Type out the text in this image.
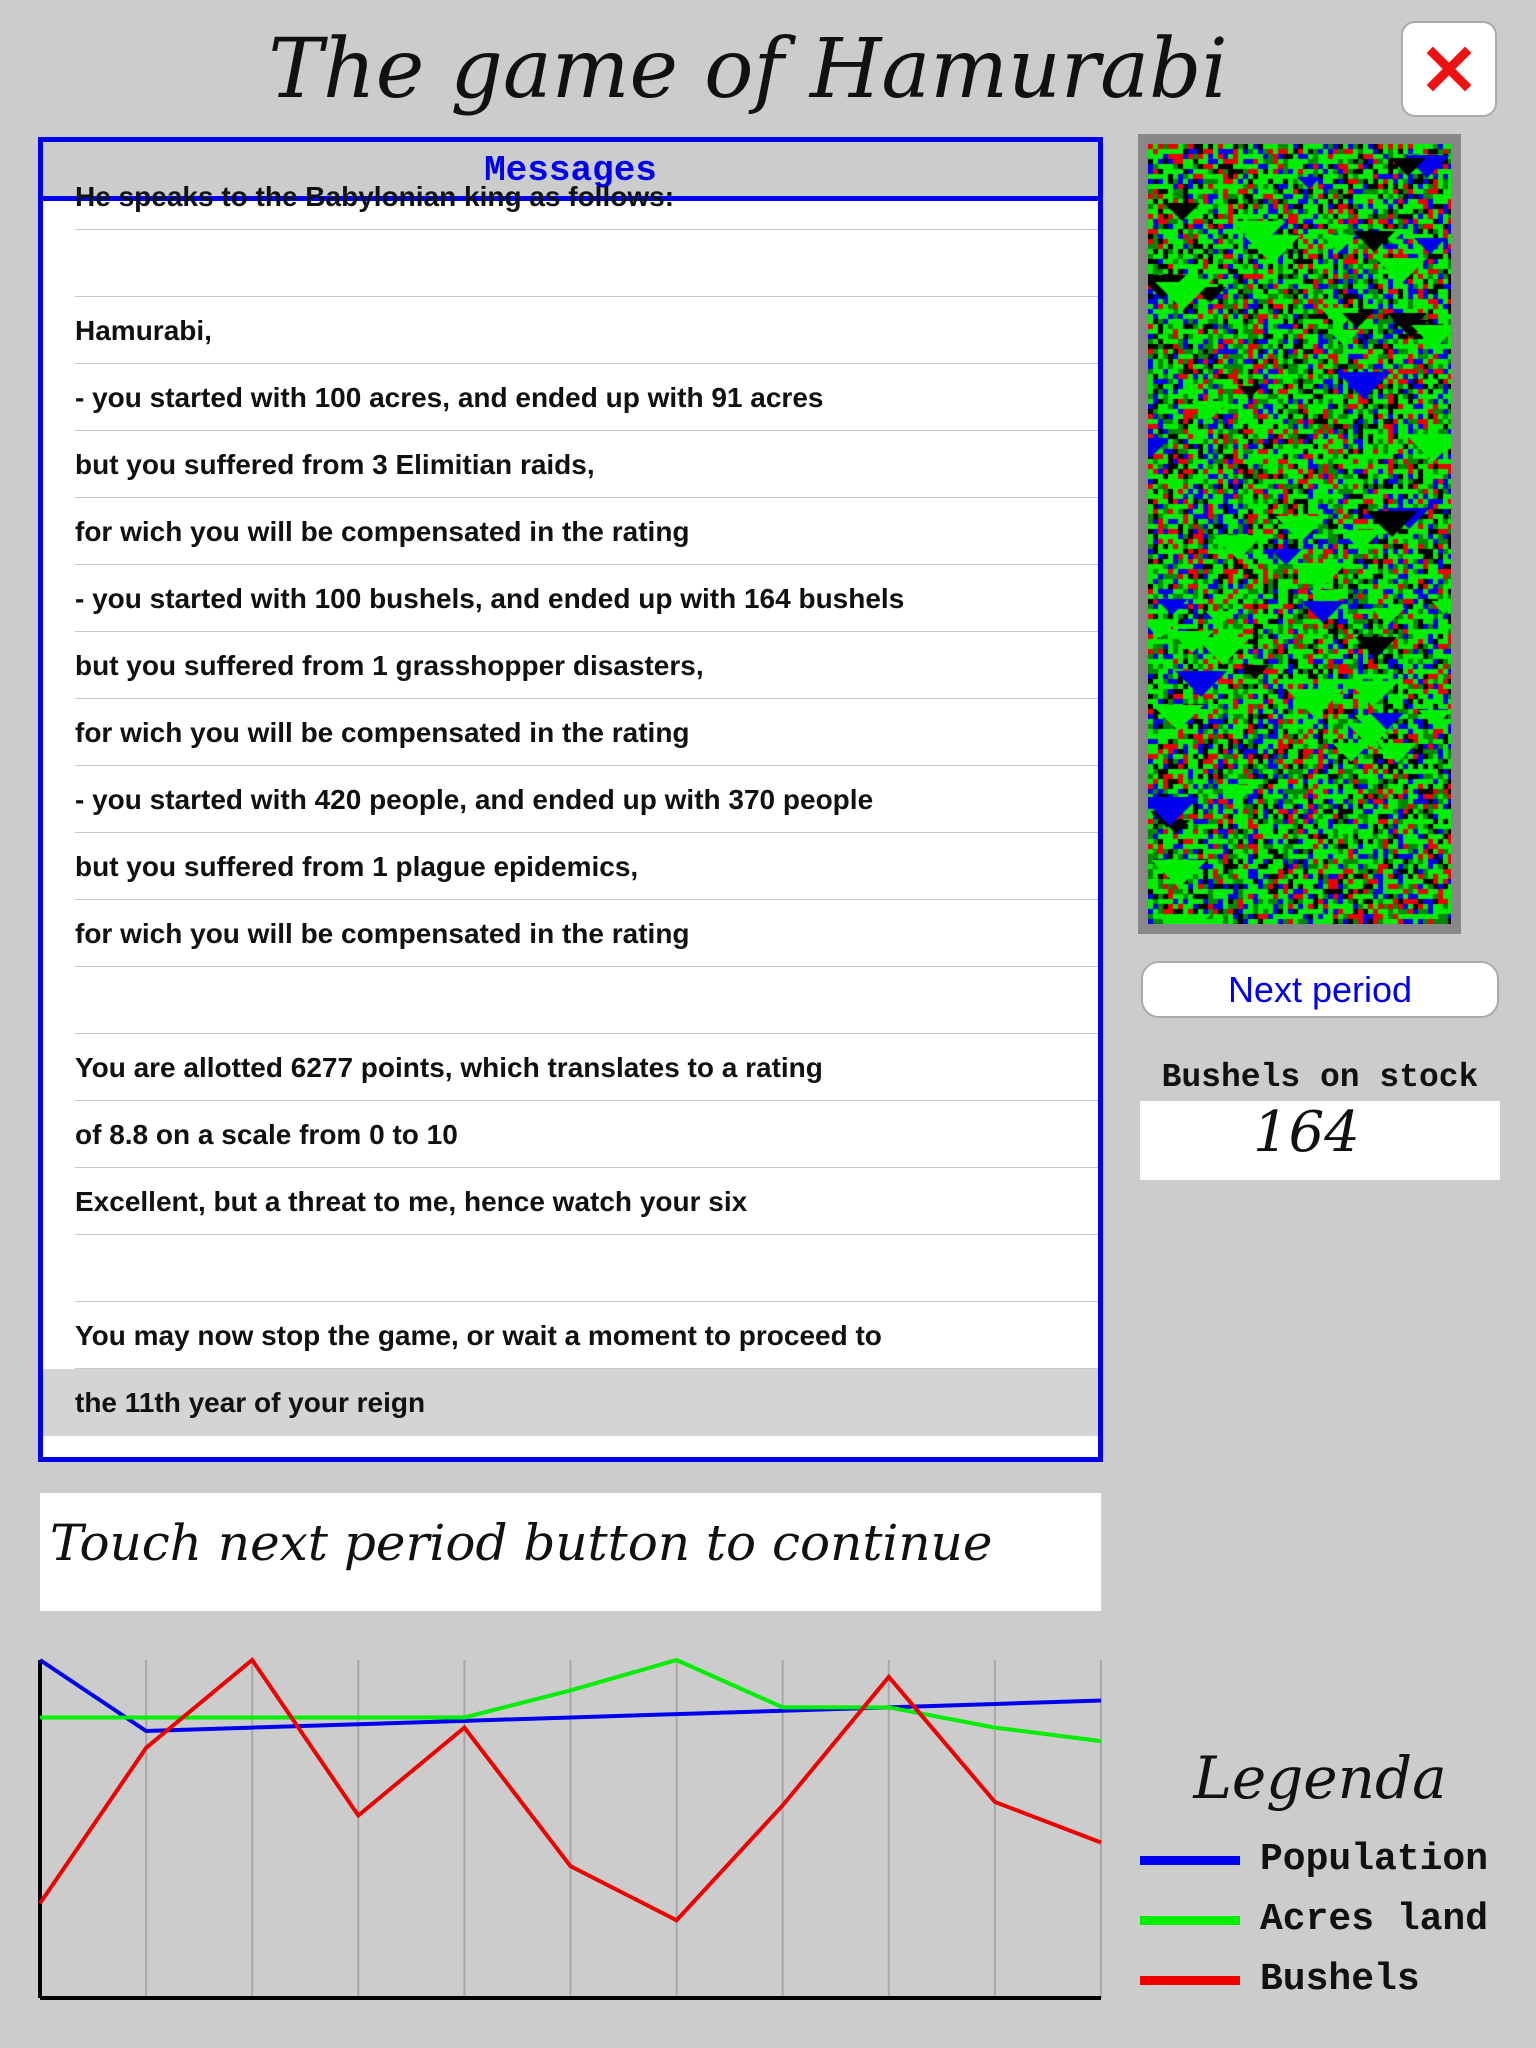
The game of Hamurabi
Messages
He speaks to the Babylonian king as follows:
Hamurabi,
- you started with 100 acres, and ended up with 91 acres
but you suffered from 3 Elimitian raids,
for wich you will be compensated in the rating
- you started with 100 bushels, and ended up with 164 bushels
but you suffered from 1 grasshopper disasters,
for wich you will be compensated in the rating
- you started with 420 people, and ended up with 370 people
but you suffered from 1 plague epidemics,
for wich you will be compensated in the rating
You are allotted 6277 points, which translates to a rating
of 8.8 on a scale from 0 to 10
Excellent, but a threat to me, hence watch your six
You may now stop the game, or wait a moment to proceed to
the 11th year of your reign
Touch next period button to continue
Next period
Bushels on stock
164
Legenda
Population
Acres land
Bushels
